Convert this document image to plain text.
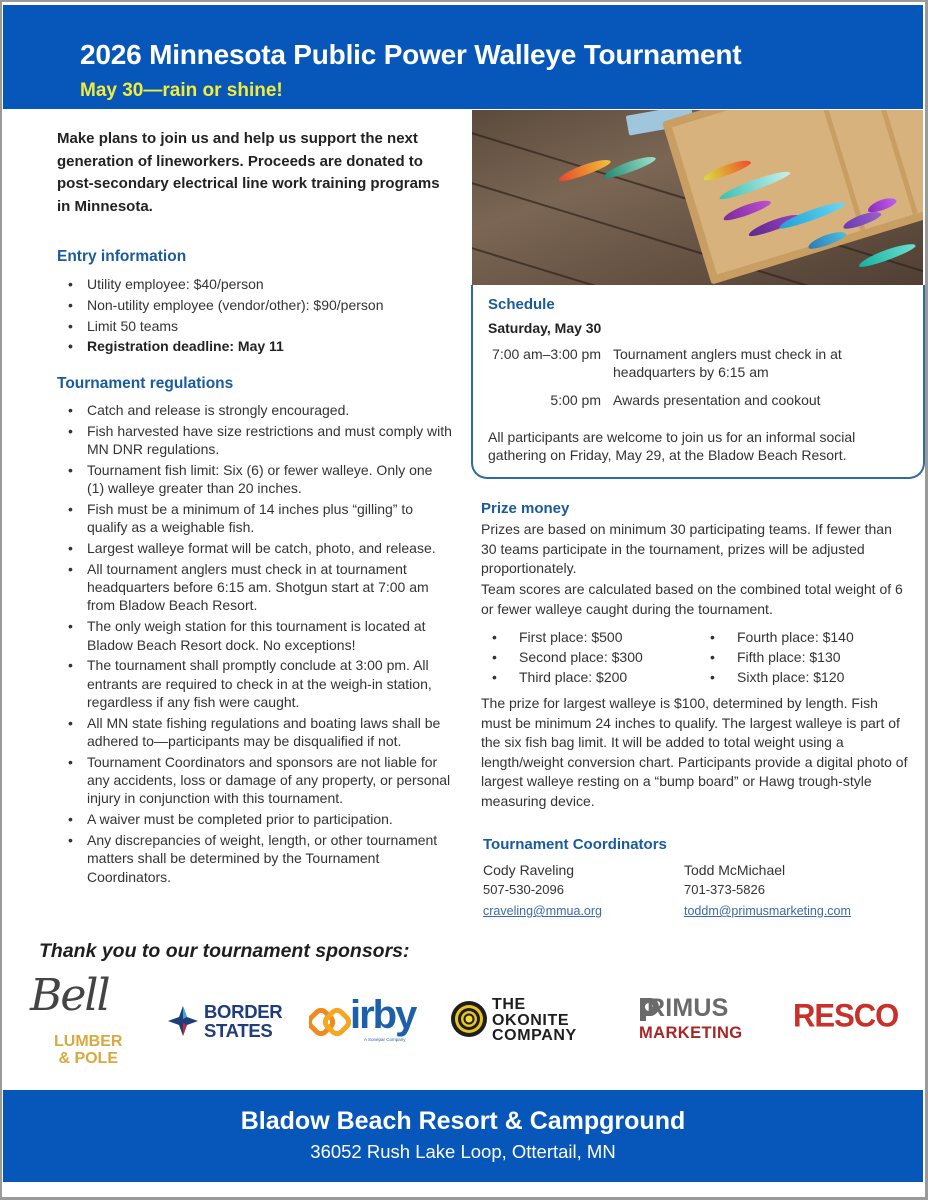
2026 Minnesota Public Power Walleye Tournament
May 30—rain or shine!
Make plans to join us and help us support the next generation of lineworkers. Proceeds are donated to post-secondary electrical line work training programs in Minnesota.
Entry information
• Utility employee: $40/person
• Non-utility employee (vendor/other): $90/person
• Limit 50 teams
• Registration deadline: May 11
Tournament regulations
• Catch and release is strongly encouraged.
• Fish harvested have size restrictions and must comply with MN DNR regulations.
• Tournament fish limit: Six (6) or fewer walleye. Only one (1) walleye greater than 20 inches.
• Fish must be a minimum of 14 inches plus “gilling” to qualify as a weighable fish.
• Largest walleye format will be catch, photo, and release.
• All tournament anglers must check in at tournament headquarters before 6:15 am. Shotgun start at 7:00 am from Bladow Beach Resort.
• The only weigh station for this tournament is located at Bladow Beach Resort dock. No exceptions!
• The tournament shall promptly conclude at 3:00 pm. All entrants are required to check in at the weigh-in station, regardless if any fish were caught.
• All MN state fishing regulations and boating laws shall be adhered to—participants may be disqualified if not.
• Tournament Coordinators and sponsors are not liable for any accidents, loss or damage of any property, or personal injury in conjunction with this tournament.
• A waiver must be completed prior to participation.
• Any discrepancies of weight, length, or other tournament matters shall be determined by the Tournament Coordinators.
Schedule
Saturday, May 30
7:00 am–3:00 pm Tournament anglers must check in at headquarters by 6:15 am
5:00 pm Awards presentation and cookout
All participants are welcome to join us for an informal social gathering on Friday, May 29, at the Bladow Beach Resort.
Prize money
Prizes are based on minimum 30 participating teams. If fewer than 30 teams participate in the tournament, prizes will be adjusted proportionately.
Team scores are calculated based on the combined total weight of 6 or fewer walleye caught during the tournament.
• First place: $500	• Fourth place: $140
• Second place: $300	• Fifth place: $130
• Third place: $200	• Sixth place: $120
The prize for largest walleye is $100, determined by length. Fish must be minimum 24 inches to qualify. The largest walleye is part of the six fish bag limit. It will be added to total weight using a length/weight conversion chart. Participants provide a digital photo of largest walleye resting on a “bump board” or Hawg trough-style measuring device.
Tournament Coordinators
Cody Raveling
507-530-2096
craveling@mmua.org
Todd McMichael
701-373-5826
toddm@primusmarketing.com
Thank you to our tournament sponsors:
Bell
LUMBER
& POLE
BORDER
STATES irby
A Sonepar Company
THE
OKONITE
COMPANY
RIMUS
MARKETING RESCO
Bladow Beach Resort & Campground
36052 Rush Lake Loop, Ottertail, MN
